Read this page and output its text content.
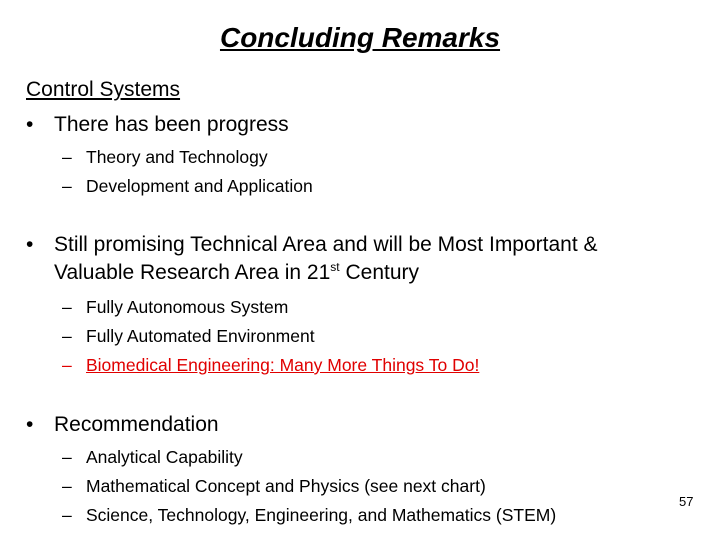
Concluding Remarks
Control Systems
• There has been progress
– Theory and Technology
– Development and Application
• Still promising Technical Area and will be Most Important &
Valuable Research Area in 21st Century
– Fully Autonomous System
– Fully Automated Environment
– Biomedical Engineering: Many More Things To Do!
• Recommendation
– Analytical Capability
– Mathematical Concept and Physics (see next chart)
– Science, Technology, Engineering, and Mathematics (STEM)
57
